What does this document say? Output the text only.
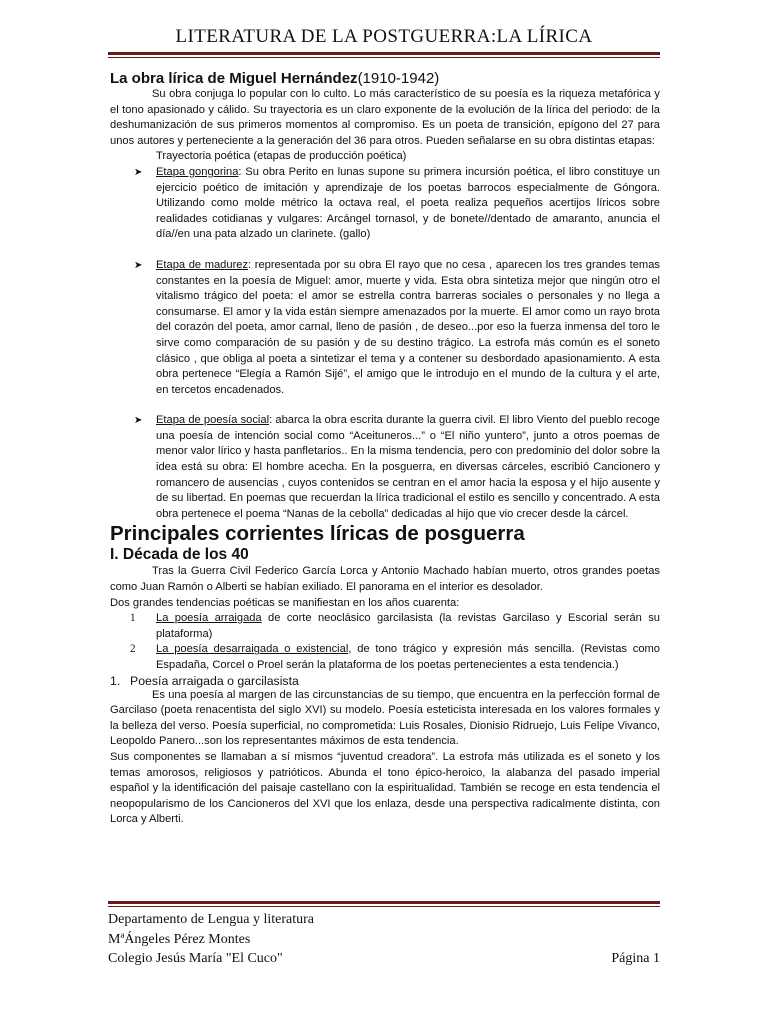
LITERATURA DE LA POSTGUERRA:LA LÍRICA

La obra lírica de Miguel Hernández(1910-1942)

Su obra conjuga lo popular con lo culto. Lo más característico de su poesía es la riqueza metafórica y el tono apasionado y cálido. Su trayectoria es un claro exponente de la evolución de la lírica del periodo: de la deshumanización de sus primeros momentos al compromiso. Es un poeta de transición, epígono del 27 para unos autores y perteneciente a la generación del 36 para otros. Pueden señalarse en su obra distintas etapas:

Trayectoria poética (etapas de producción poética)

➤ Etapa gongorina: Su obra Perito en lunas supone su primera incursión poética, el libro constituye un ejercicio poético de imitación y aprendizaje de los poetas barrocos especialmente de Góngora. Utilizando como molde métrico la octava real, el poeta realiza pequeños acertijos líricos sobre realidades cotidianas y vulgares: Arcángel tornasol, y de bonete//dentado de amaranto, anuncia el día//en una pata alzado un clarinete. (gallo)
➤ Etapa de madurez: representada por su obra El rayo que no cesa , aparecen los tres grandes temas constantes en la poesía de Miguel: amor, muerte y vida. Esta obra sintetiza mejor que ningún otro el vitalismo trágico del poeta: el amor se estrella contra barreras sociales o personales y no llega a consumarse. El amor y la vida están siempre amenazados por la muerte. El amor como un rayo brota del corazón del poeta, amor carnal, lleno de pasión , de deseo...por eso la fuerza inmensa del toro le sirve como comparación de su pasión y de su destino trágico. La estrofa más común es el soneto clásico , que obliga al poeta a sintetizar el tema y a contener su desbordado apasionamiento. A esta obra pertenece “Elegía a Ramón Sijé”, el amigo que le introdujo en el mundo de la cultura y el arte, en tercetos encadenados.
➤ Etapa de poesía social: abarca la obra escrita durante la guerra civil. El libro Viento del pueblo recoge una poesía de intención social como “Aceituneros...” o “El niño yuntero”, junto a otros poemas de menor valor lírico y hasta panfletarios.. En la misma tendencia, pero con predominio del dolor sobre la idea está su obra: El hombre acecha. En la posguerra, en diversas cárceles, escribió Cancionero y romancero de ausencias , cuyos contenidos se centran en el amor hacia la esposa y el hijo ausente y de su libertad. En poemas que recuerdan la lírica tradicional el estilo es sencillo y concentrado. A esta obra pertenece el poema “Nanas de la cebolla” dedicadas al hijo que vio crecer desde la cárcel.

Principales corrientes líricas de posguerra

I. Década de los 40

Tras la Guerra Civil Federico García Lorca y Antonio Machado habían muerto, otros grandes poetas como Juan Ramón o Alberti se habían exiliado. El panorama en el interior es desolador.

Dos grandes tendencias poéticas se manifiestan en los años cuarenta:

1 La poesía arraigada de corte neoclásico garcilasista (la revistas Garcilaso y Escorial serán su plataforma)
2 La poesía desarraigada o existencial, de tono trágico y expresión más sencilla. (Revistas como Espadaña, Corcel o Proel serán la plataforma de los poetas pertenecientes a esta tendencia.)

1. Poesía arraigada o garcilasista

Es una poesía al margen de las circunstancias de su tiempo, que encuentra en la perfección formal de Garcilaso (poeta renacentista del siglo XVI) su modelo. Poesía esteticista interesada en los valores formales y la belleza del verso. Poesía superficial, no comprometida: Luis Rosales, Dionisio Ridruejo, Luis Felipe Vivanco, Leopoldo Panero...son los representantes máximos de esta tendencia.

Sus componentes se llamaban a sí mismos “juventud creadora”. La estrofa más utilizada es el soneto y los temas amorosos, religiosos y patrióticos. Abunda el tono épico-heroico, la alabanza del pasado imperial español y la identificación del paisaje castellano con la espiritualidad. También se recoge en esta tendencia el neopopularismo de los Cancioneros del XVI que los enlaza, desde una perspectiva radicalmente distinta, con Lorca y Alberti.

Departamento de Lengua y literatura
MªÁngeles Pérez Montes
Colegio Jesús María "El Cuco"	Página 1
